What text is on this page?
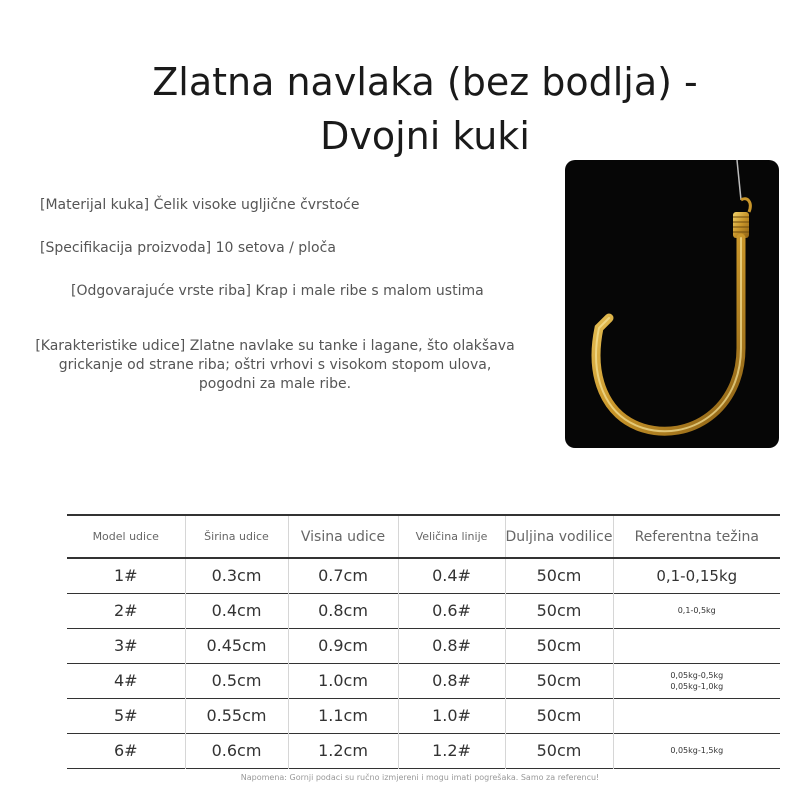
Zlatna navlaka (bez bodlja) -
Dvojni kuki
[Materijal kuka] Čelik visoke ugljične čvrstoće
[Specifikacija proizvoda] 10 setova / ploča
[Odgovarajuće vrste riba] Krap i male ribe s malom ustima
[Karakteristike udice] Zlatne navlake su tanke i lagane, što olakšava grickanje od strane riba; oštri vrhovi s visokom stopom ulova, pogodni za male ribe.
Model udice	Širina udice	Visina udice	Veličina linije	Duljina vodilice	Referentna težina
1#	0.3cm	0.7cm	0.4#	50cm	0,1-0,15kg
2#	0.4cm	0.8cm	0.6#	50cm	0,1-0,5kg
3#	0.45cm	0.9cm	0.8#	50cm	
4#	0.5cm	1.0cm	0.8#	50cm	0,05kg-0,5kg
0,05kg-1,0kg
5#	0.55cm	1.1cm	1.0#	50cm	
6#	0.6cm	1.2cm	1.2#	50cm	0,05kg-1,5kg
Napomena: Gornji podaci su ručno izmjereni i mogu imati pogrešaka. Samo za referencu!
